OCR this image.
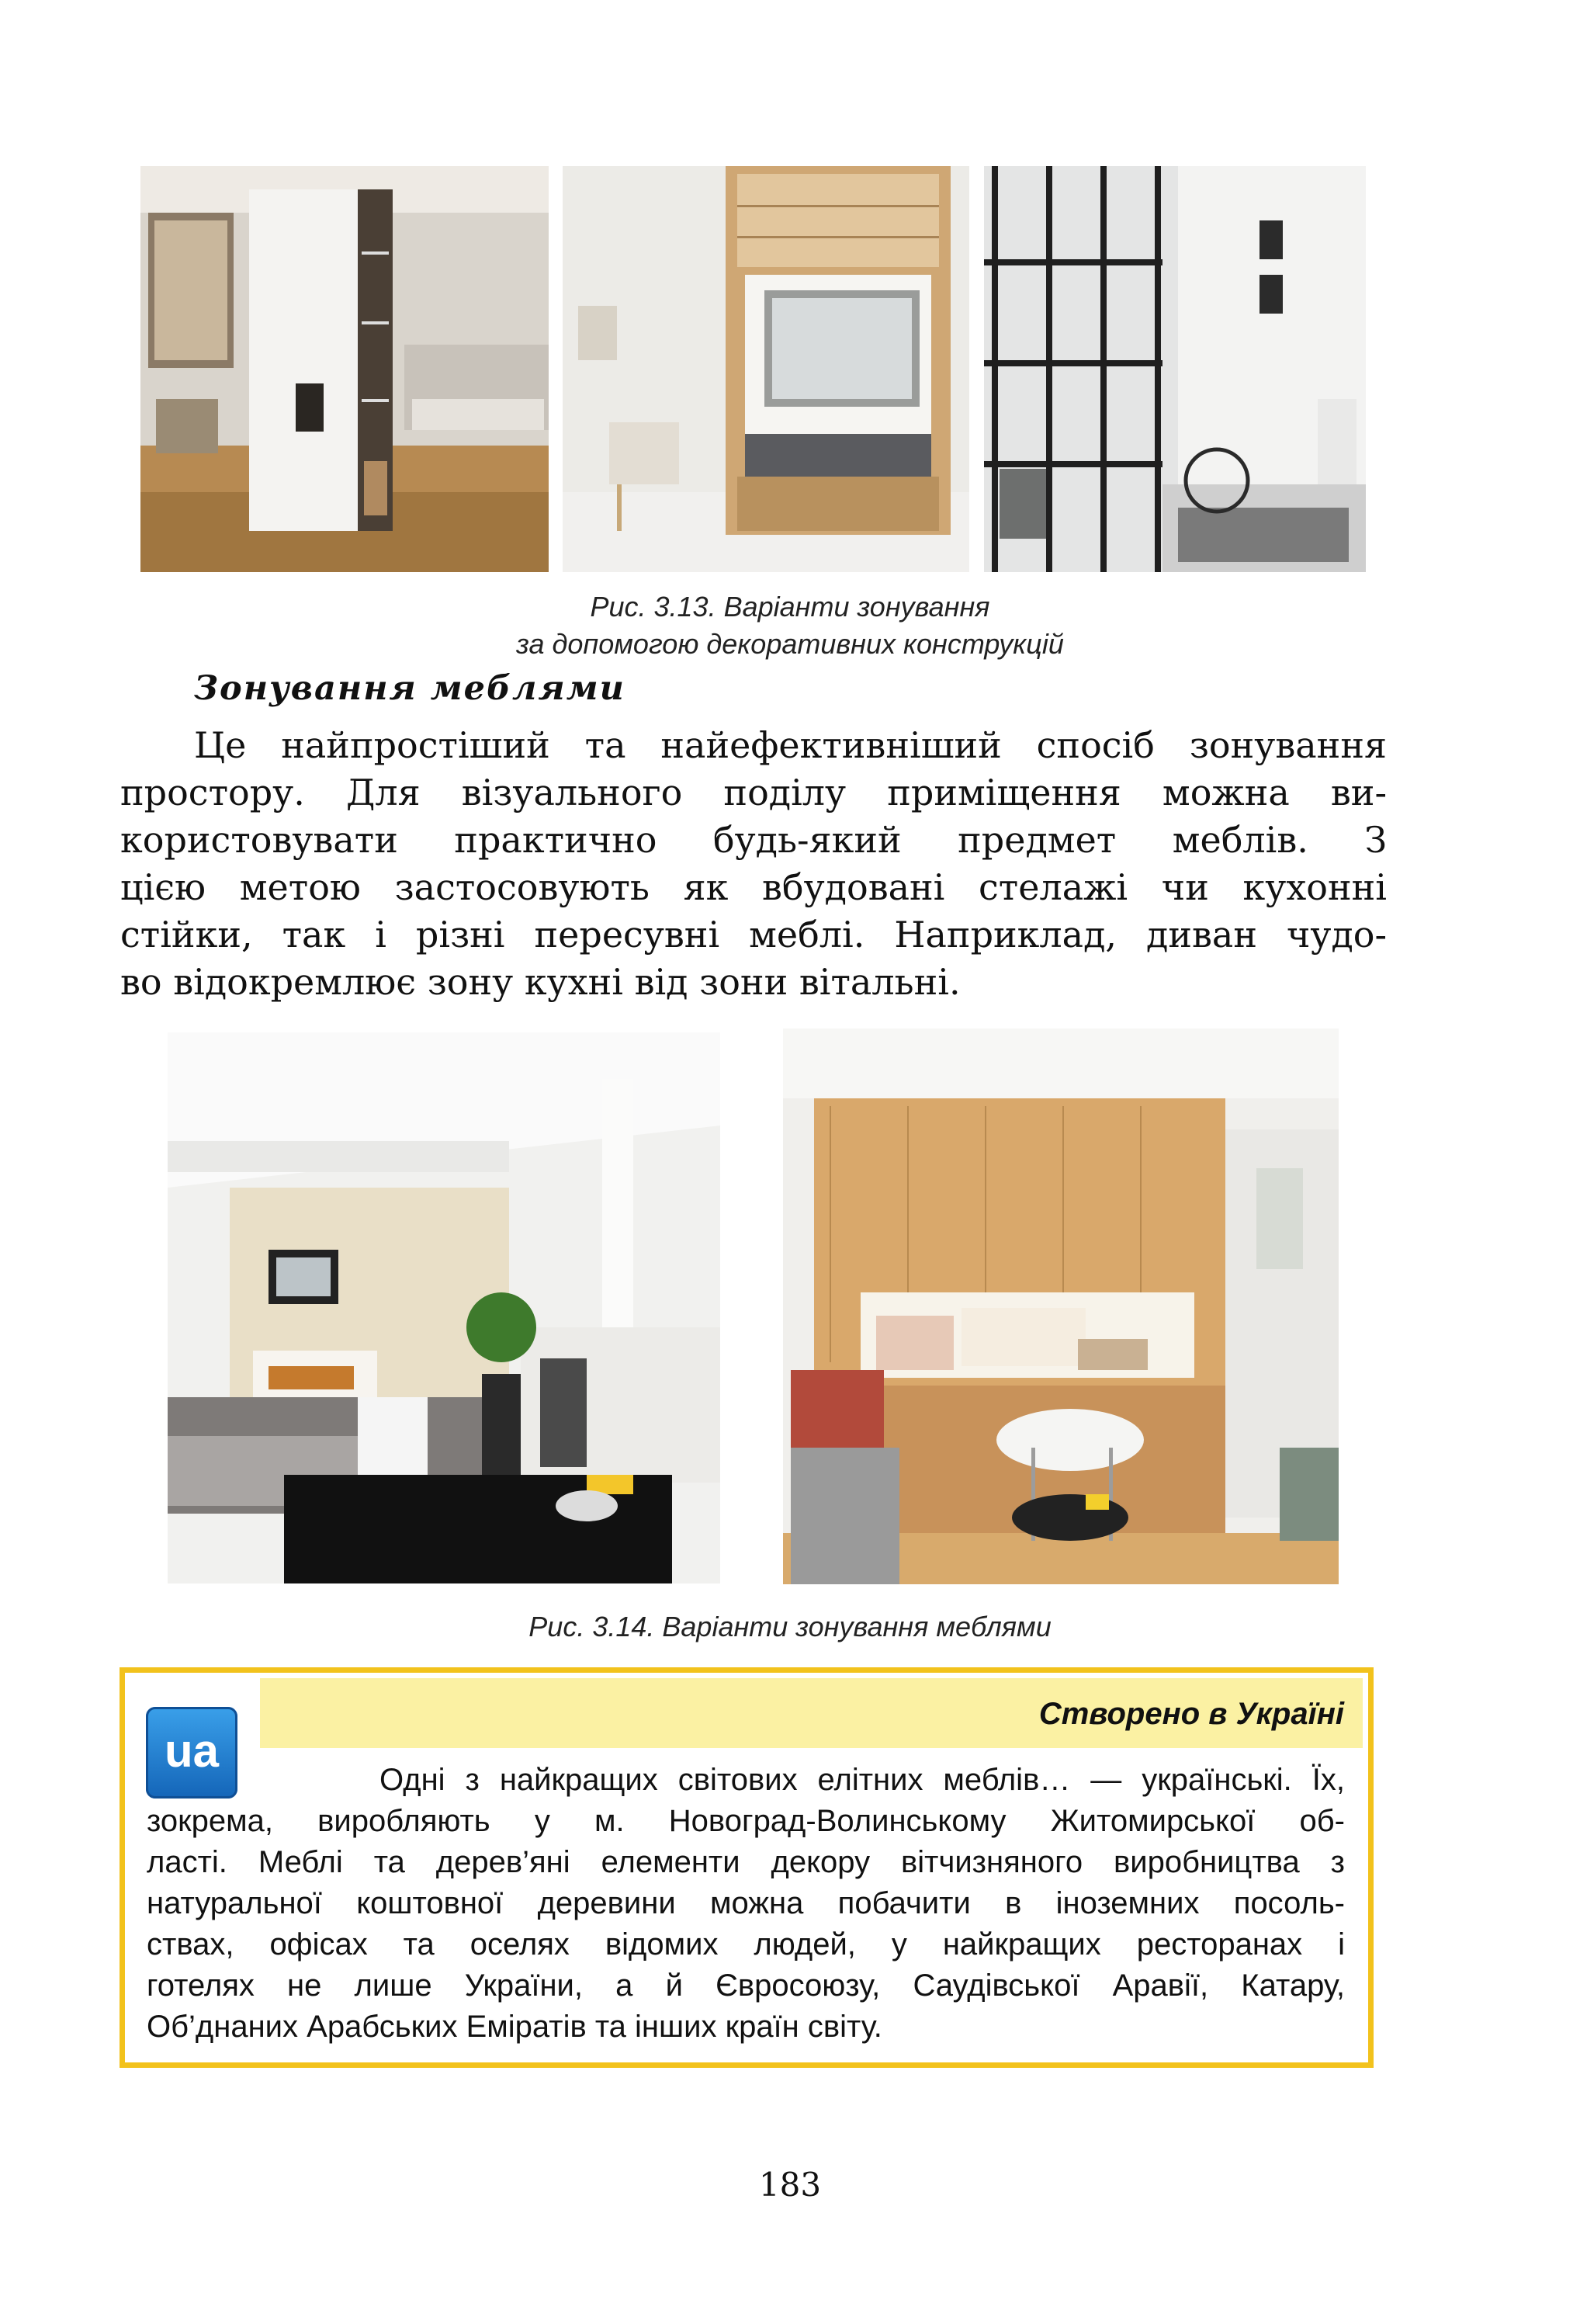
Рис. 3.13. Варіанти зонування
за допомогою декоративних конструкцій
Зонування меблями
Це найпростіший та найефективніший спосіб зонування
простору. Для візуального поділу приміщення можна ви-
користовувати практично будь-який предмет меблів. З
цією метою застосовують як вбудовані стелажі чи кухонні
стійки, так і різні пересувні меблі. Наприклад, диван чудо-
во відокремлює зону кухні від зони вітальні.
Рис. 3.14. Варіанти зонування меблями
Створено в Україні
ua
Одні з найкращих світових елітних меблів… — українські. Їх,
зокрема, виробляють у м. Новоград-Волинському Житомирської об-
ласті. Меблі та дерев’яні елементи декору вітчизняного виробництва з
натуральної коштовної деревини можна побачити в іноземних посоль-
ствах, офісах та оселях відомих людей, у найкращих ресторанах і
готелях не лише України, а й Євросоюзу, Саудівської Аравії, Катару,
Об’днаних Арабських Еміратів та інших країн світу.
183
